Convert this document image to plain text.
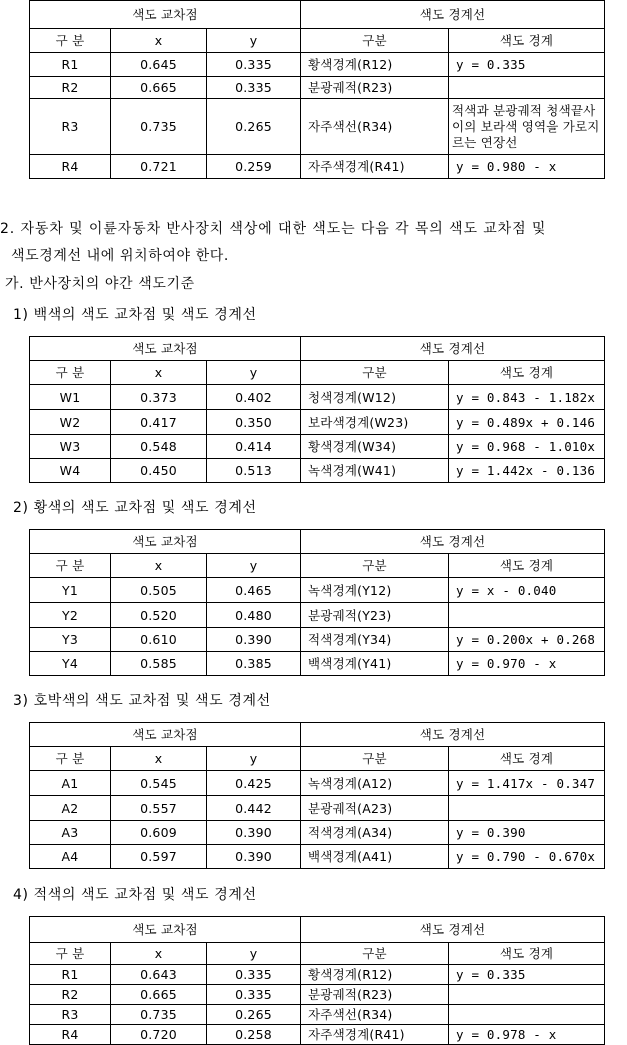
색도 교차점			색도 경계선	
구 분	x	y	구분	색도 경계
R1	0.645	0.335	황색경계(R12)	y = 0.335
R2	0.665	0.335	분광궤적(R23)	
R3	0.735	0.265	자주색선(R34)	적색과 분광궤적 청색끝사이의 보라색 영역을 가로지르는 연장선
R4	0.721	0.259	자주색경계(R41)	y = 0.980 - x

2. 자동차 및 이륜자동차 반사장치 색상에 대한 색도는 다음 각 목의 색도 교차점 및

색도경계선 내에 위치하여야 한다.

가. 반사장치의 야간 색도기준

1) 백색의 색도 교차점 및 색도 경계선

색도 교차점			색도 경계선	
구 분	x	y	구분	색도 경계
W1	0.373	0.402	청색경계(W12)	y = 0.843 - 1.182x
W2	0.417	0.350	보라색경계(W23)	y = 0.489x + 0.146
W3	0.548	0.414	황색경계(W34)	y = 0.968 - 1.010x
W4	0.450	0.513	녹색경계(W41)	y = 1.442x - 0.136

2) 황색의 색도 교차점 및 색도 경계선

색도 교차점			색도 경계선	
구 분	x	y	구분	색도 경계
Y1	0.505	0.465	녹색경계(Y12)	y = x - 0.040
Y2	0.520	0.480	분광궤적(Y23)	
Y3	0.610	0.390	적색경계(Y34)	y = 0.200x + 0.268
Y4	0.585	0.385	백색경계(Y41)	y = 0.970 - x

3) 호박색의 색도 교차점 및 색도 경계선

색도 교차점			색도 경계선	
구 분	x	y	구분	색도 경계
A1	0.545	0.425	녹색경계(A12)	y = 1.417x - 0.347
A2	0.557	0.442	분광궤적(A23)	
A3	0.609	0.390	적색경계(A34)	y = 0.390
A4	0.597	0.390	백색경계(A41)	y = 0.790 - 0.670x

4) 적색의 색도 교차점 및 색도 경계선

색도 교차점			색도 경계선	
구 분	x	y	구분	색도 경계
R1	0.643	0.335	황색경계(R12)	y = 0.335
R2	0.665	0.335	분광궤적(R23)	
R3	0.735	0.265	자주색선(R34)	
R4	0.720	0.258	자주색경계(R41)	y = 0.978 - x
